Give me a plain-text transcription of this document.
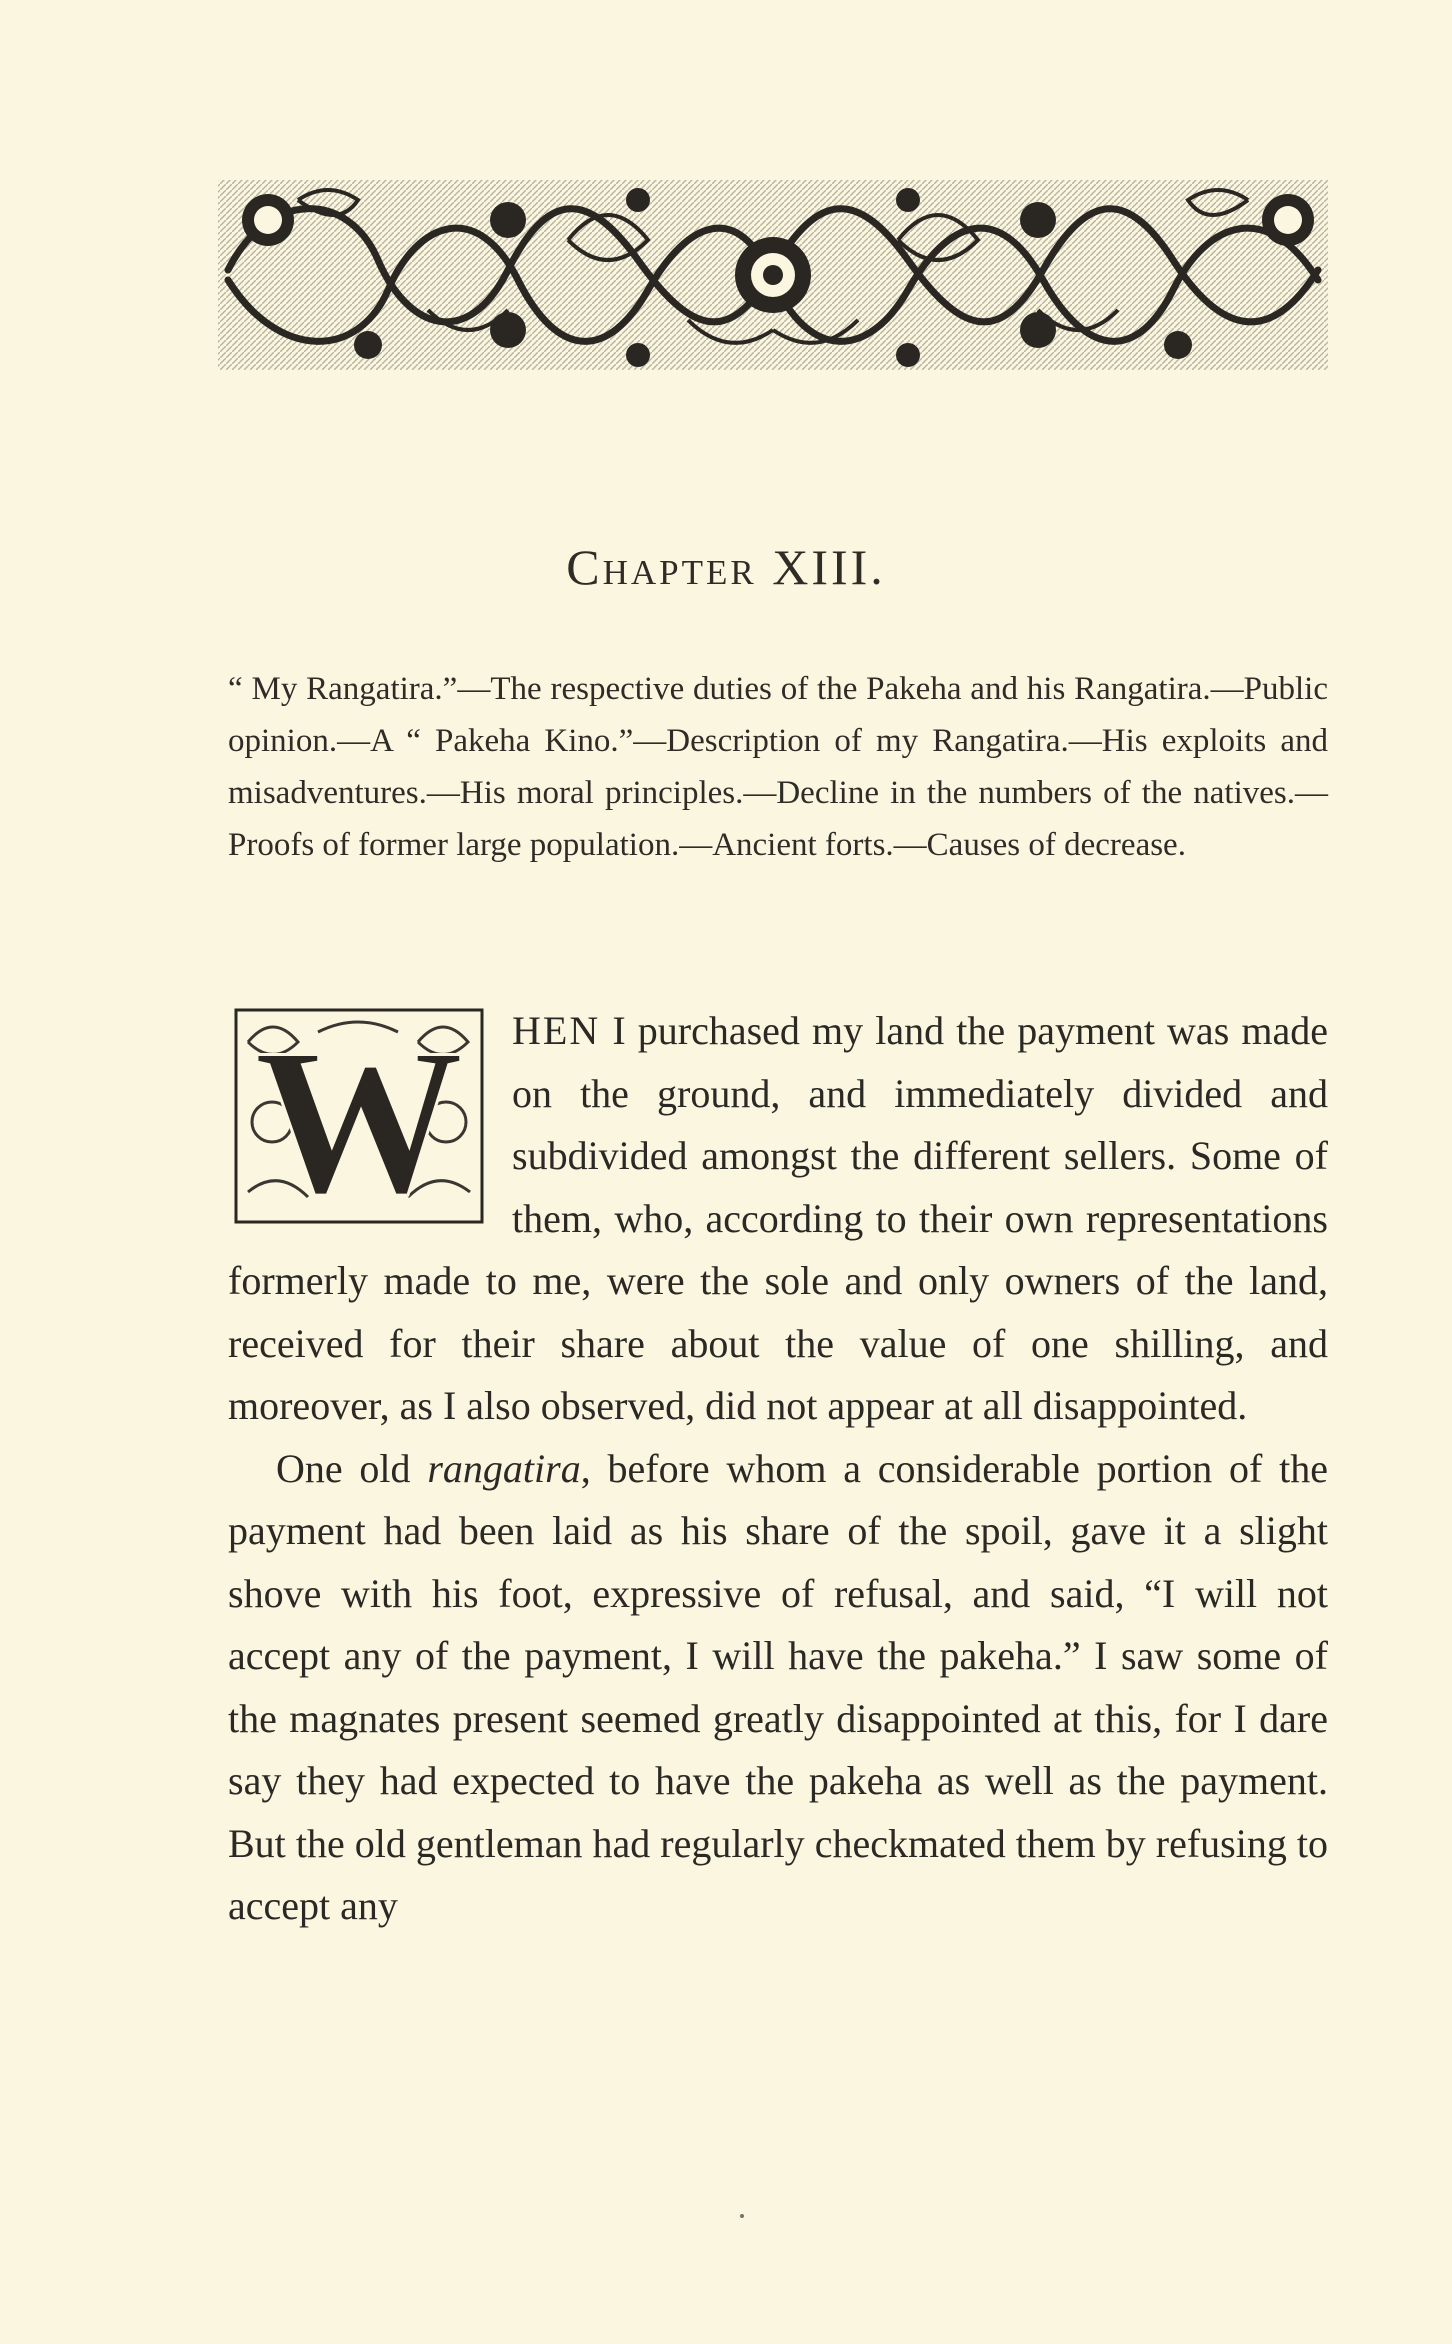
Chapter XIII.

“ My Rangatira.”—The respective duties of the Pakeha and his Rangatira.—Public opinion.—A “ Pakeha Kino.”—Description of my Rangatira.—His exploits and misadventures.—His moral principles.—Decline in the numbers of the natives.—Proofs of former large population.—Ancient forts.—Causes of decrease.

W	HEN I purchased my land the payment was made on the ground, and immediately divided and subdivided amongst the different sellers. Some of them, who, according to their own representations formerly made to me, were the sole and only owners of the land, received for their share about the value of one shilling, and moreover, as I also observed, did not appear at all disappointed.

One old rangatira, before whom a considerable portion of the payment had been laid as his share of the spoil, gave it a slight shove with his foot, expressive of refusal, and said, “I will not accept any of the payment, I will have the pakeha.” I saw some of the magnates present seemed greatly disappointed at this, for I dare say they had expected to have the pakeha as well as the payment. But the old gentleman had regularly checkmated them by refusing to accept any
